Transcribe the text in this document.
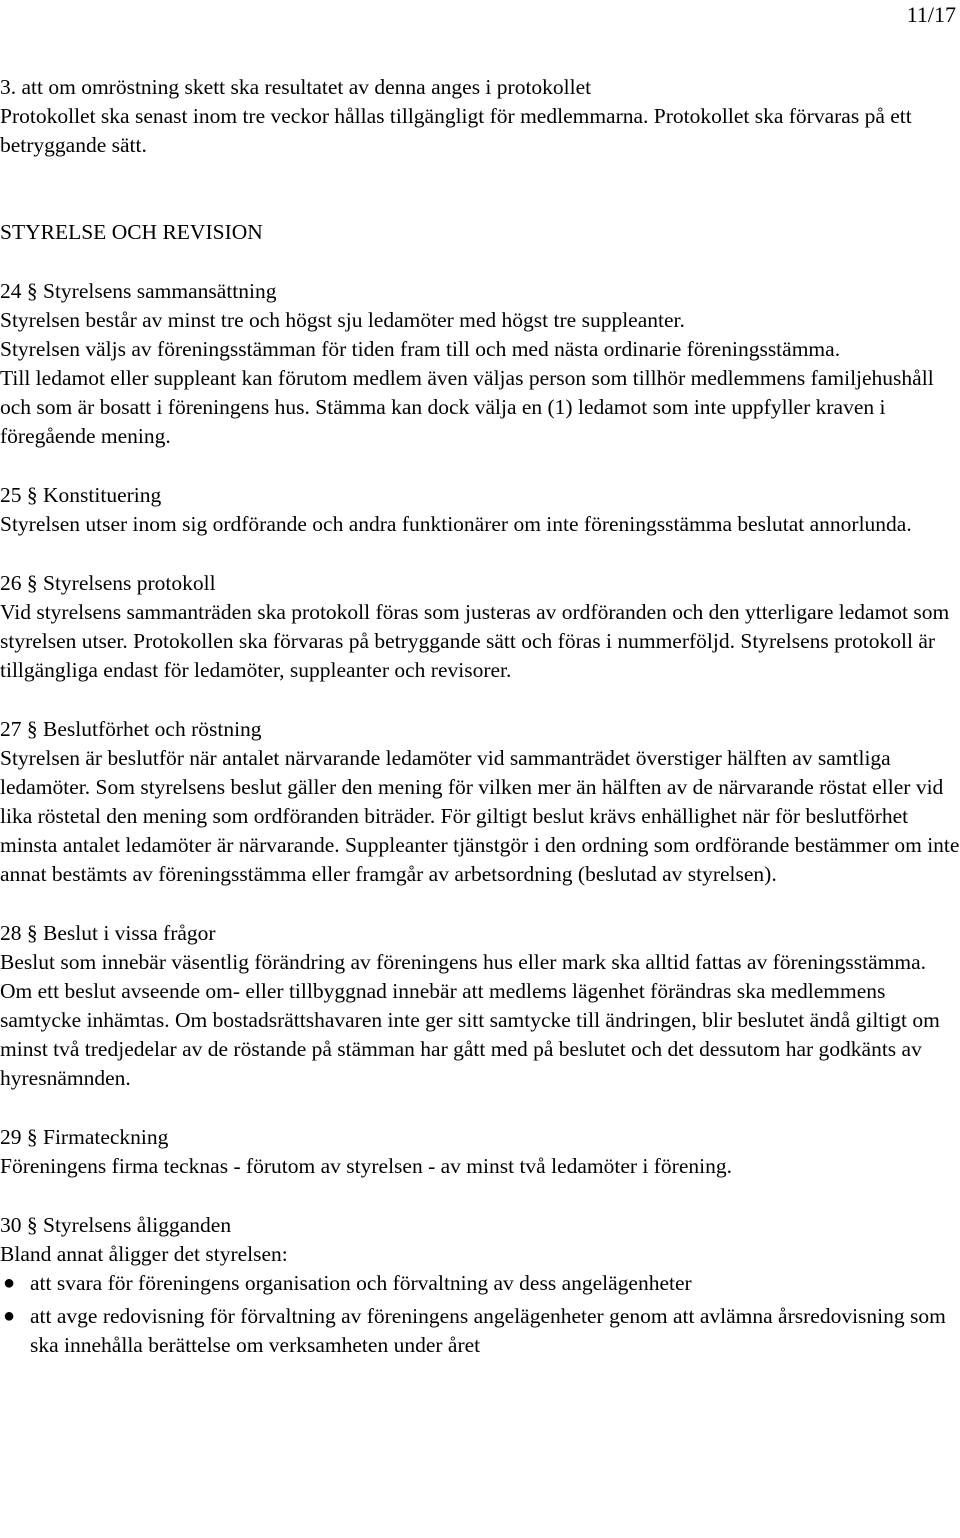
11/17

3. att om omröstning skett ska resultatet av denna anges i protokollet

Protokollet ska senast inom tre veckor hållas tillgängligt för medlemmarna. Protokollet ska förvaras på ett betryggande sätt.

STYRELSE OCH REVISION

24 § Styrelsens sammansättning

Styrelsen består av minst tre och högst sju ledamöter med högst tre suppleanter.

Styrelsen väljs av föreningsstämman för tiden fram till och med nästa ordinarie föreningsstämma.

Till ledamot eller suppleant kan förutom medlem även väljas person som tillhör medlemmens familjehushåll och som är bosatt i föreningens hus. Stämma kan dock välja en (1) ledamot som inte uppfyller kraven i föregående mening.

25 § Konstituering

Styrelsen utser inom sig ordförande och andra funktionärer om inte föreningsstämma beslutat annorlunda.

26 § Styrelsens protokoll

Vid styrelsens sammanträden ska protokoll föras som justeras av ordföranden och den ytterligare ledamot som styrelsen utser. Protokollen ska förvaras på betryggande sätt och föras i nummerföljd. Styrelsens protokoll är tillgängliga endast för ledamöter, suppleanter och revisorer.

27 § Beslutförhet och röstning

Styrelsen är beslutför när antalet närvarande ledamöter vid sammanträdet överstiger hälften av samtliga ledamöter. Som styrelsens beslut gäller den mening för vilken mer än hälften av de närvarande röstat eller vid lika röstetal den mening som ordföranden biträder. För giltigt beslut krävs enhällighet när för beslutförhet minsta antalet ledamöter är närvarande. Suppleanter tjänstgör i den ordning som ordförande bestämmer om inte annat bestämts av föreningsstämma eller framgår av arbetsordning (beslutad av styrelsen).

28 § Beslut i vissa frågor

Beslut som innebär väsentlig förändring av föreningens hus eller mark ska alltid fattas av föreningsstämma. Om ett beslut avseende om- eller tillbyggnad innebär att medlems lägenhet förändras ska medlemmens samtycke inhämtas. Om bostadsrättshavaren inte ger sitt samtycke till ändringen, blir beslutet ändå giltigt om minst två tredjedelar av de röstande på stämman har gått med på beslutet och det dessutom har godkänts av hyresnämnden.

29 § Firmateckning

Föreningens firma tecknas - förutom av styrelsen - av minst två ledamöter i förening.

30 § Styrelsens åligganden

Bland annat åligger det styrelsen:

● att svara för föreningens organisation och förvaltning av dess angelägenheter
● att avge redovisning för förvaltning av föreningens angelägenheter genom att avlämna årsredovisning som ska innehålla berättelse om verksamheten under året
